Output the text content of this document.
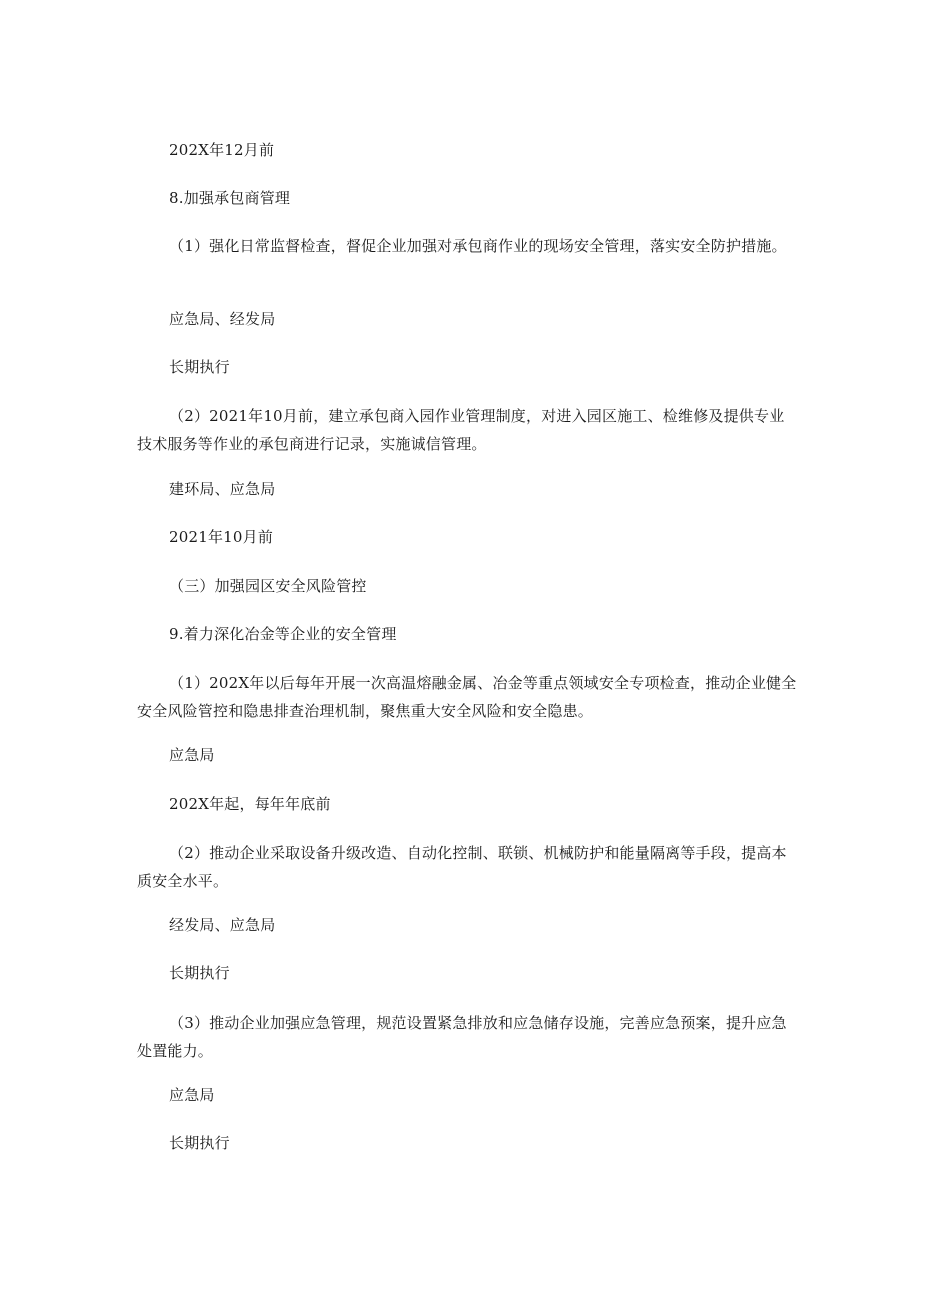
202X年12月前

8.加强承包商管理

（1）强化日常监督检查，督促企业加强对承包商作业的现场安全管理，落实安全防护措施。

应急局、经发局

长期执行

（2）2021年10月前，建立承包商入园作业管理制度，对进入园区施工、检维修及提供专业技术服务等作业的承包商进行记录，实施诚信管理。

建环局、应急局

2021年10月前

（三）加强园区安全风险管控

9.着力深化冶金等企业的安全管理

（1）202X年以后每年开展一次高温熔融金属、冶金等重点领域安全专项检查，推动企业健全安全风险管控和隐患排查治理机制，聚焦重大安全风险和安全隐患。

应急局

202X年起，每年年底前

（2）推动企业采取设备升级改造、自动化控制、联锁、机械防护和能量隔离等手段，提高本质安全水平。

经发局、应急局

长期执行

（3）推动企业加强应急管理，规范设置紧急排放和应急储存设施，完善应急预案，提升应急处置能力。

应急局

长期执行
